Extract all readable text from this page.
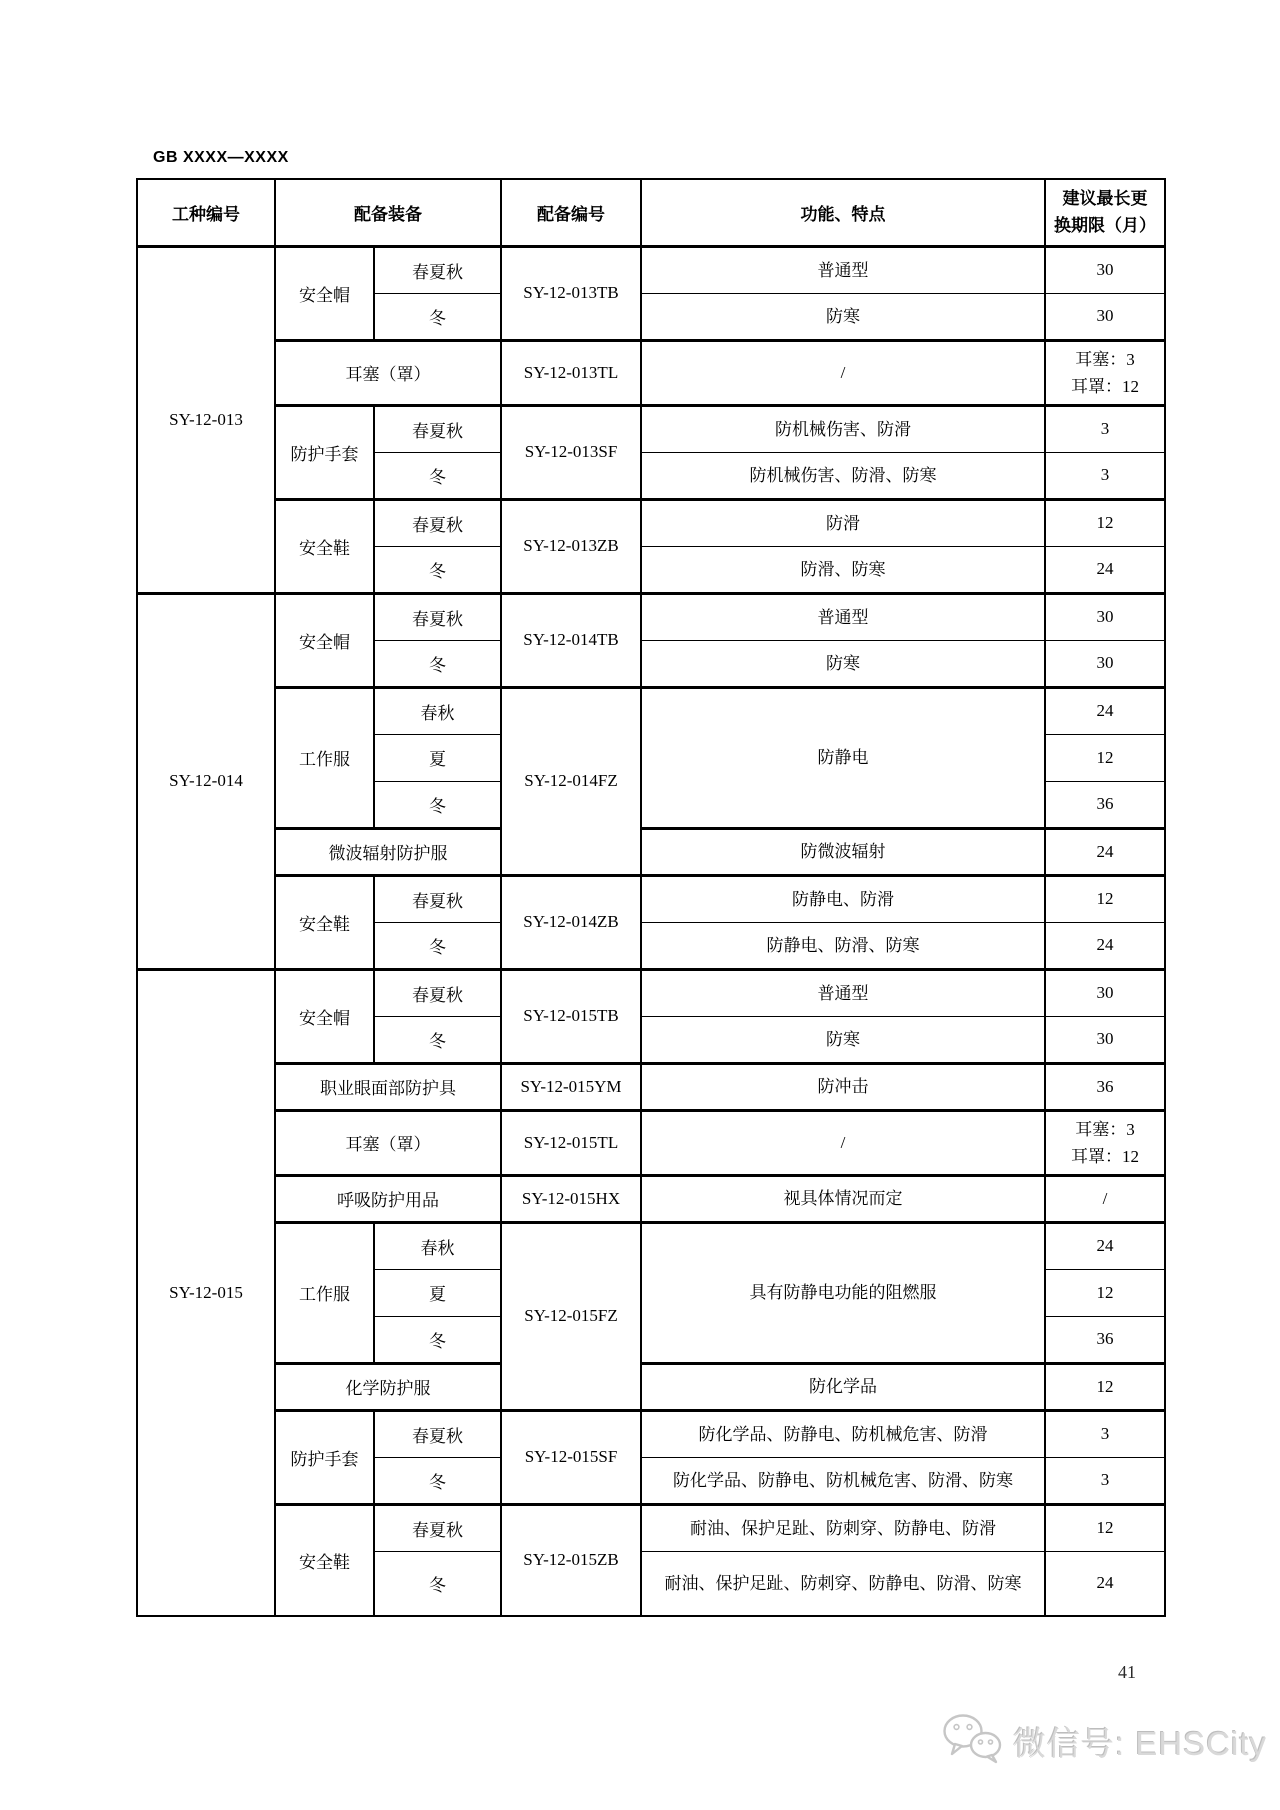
GB XXXX—XXXX
工种编号	配备装备		配备编号	功能、特点	建议最长更
换期限（月）

SY-12-013	安全帽	春夏秋	SY-12-013TB	普通型	30
		冬		防寒	30
	耳塞（罩）		SY-12-013TL	/	耳塞：3
耳罩：12

	防护手套	春夏秋	SY-12-013SF	防机械伤害、防滑	3
		冬		防机械伤害、防滑、防寒	3
	安全鞋	春夏秋	SY-12-013ZB	防滑	12
		冬		防滑、防寒	24
SY-12-014	安全帽	春夏秋	SY-12-014TB	普通型	30
		冬		防寒	30
	工作服	春秋	SY-12-014FZ	防静电	24
		夏			12
		冬			36
	微波辐射防护服			防微波辐射	24
	安全鞋	春夏秋	SY-12-014ZB	防静电、防滑	12
		冬		防静电、防滑、防寒	24
SY-12-015	安全帽	春夏秋	SY-12-015TB	普通型	30
		冬		防寒	30
	职业眼面部防护具		SY-12-015YM	防冲击	36
	耳塞（罩）		SY-12-015TL	/	耳塞：3
耳罩：12

	呼吸防护用品		SY-12-015HX	视具体情况而定	/
	工作服	春秋	SY-12-015FZ	具有防静电功能的阻燃服	24
		夏			12
		冬			36
	化学防护服			防化学品	12
	防护手套	春夏秋	SY-12-015SF	防化学品、防静电、防机械危害、防滑	3
		冬		防化学品、防静电、防机械危害、防滑、防寒	3
	安全鞋	春夏秋	SY-12-015ZB	耐油、保护足趾、防刺穿、防静电、防滑	12
		冬		耐油、保护足趾、防刺穿、防静电、防滑、防寒	24
41
微信号: EHSCity
